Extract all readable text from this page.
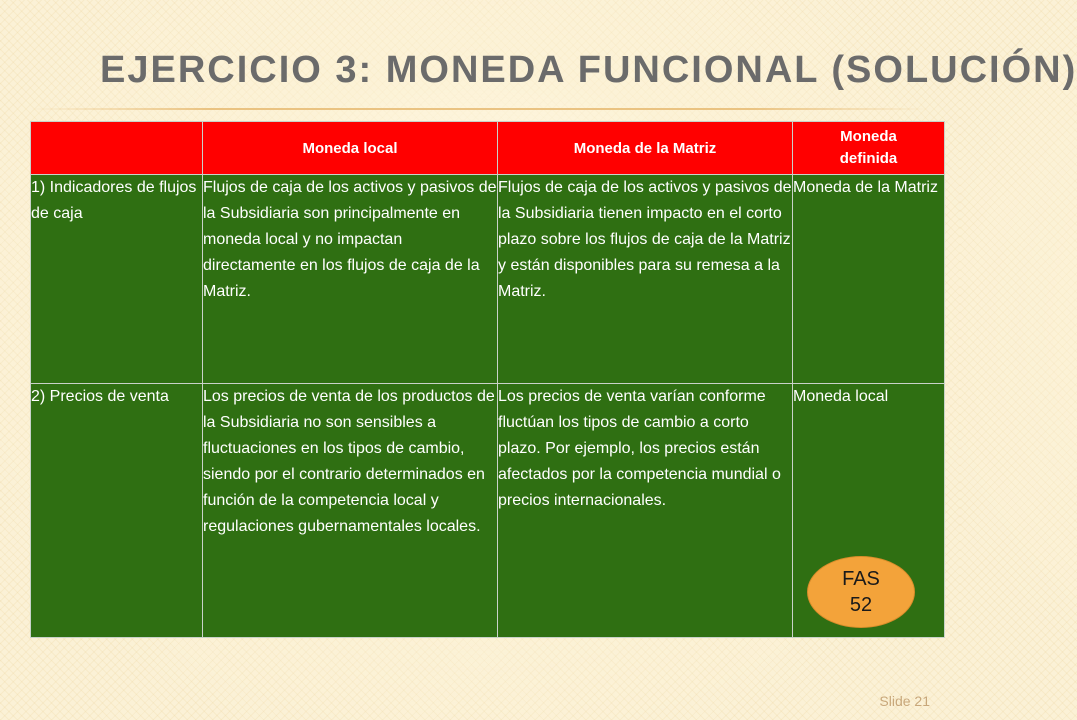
EJERCICIO 3: MONEDA FUNCIONAL (SOLUCIÓN)
	Moneda local	Moneda de la Matriz	Moneda definida
1) Indicadores de flujos de caja	Flujos de caja de los activos y pasivos de la Subsidiaria son principalmente en moneda local y no impactan directamente en los flujos de caja de la Matriz.	Flujos de caja de los activos y pasivos de la Subsidiaria tienen impacto en el corto plazo sobre los flujos de caja de la Matriz y están disponibles para su remesa a la Matriz.	Moneda de la Matriz
2) Precios de venta	Los precios de venta de los productos de la Subsidiaria no son sensibles a fluctuaciones en los tipos de cambio, siendo por el contrario determinados en función de la competencia local y regulaciones gubernamentales locales.	Los precios de venta varían conforme fluctúan los tipos de cambio a corto plazo. Por ejemplo, los precios están afectados por la competencia mundial o precios internacionales.	Moneda local
FAS
52
Slide 21
